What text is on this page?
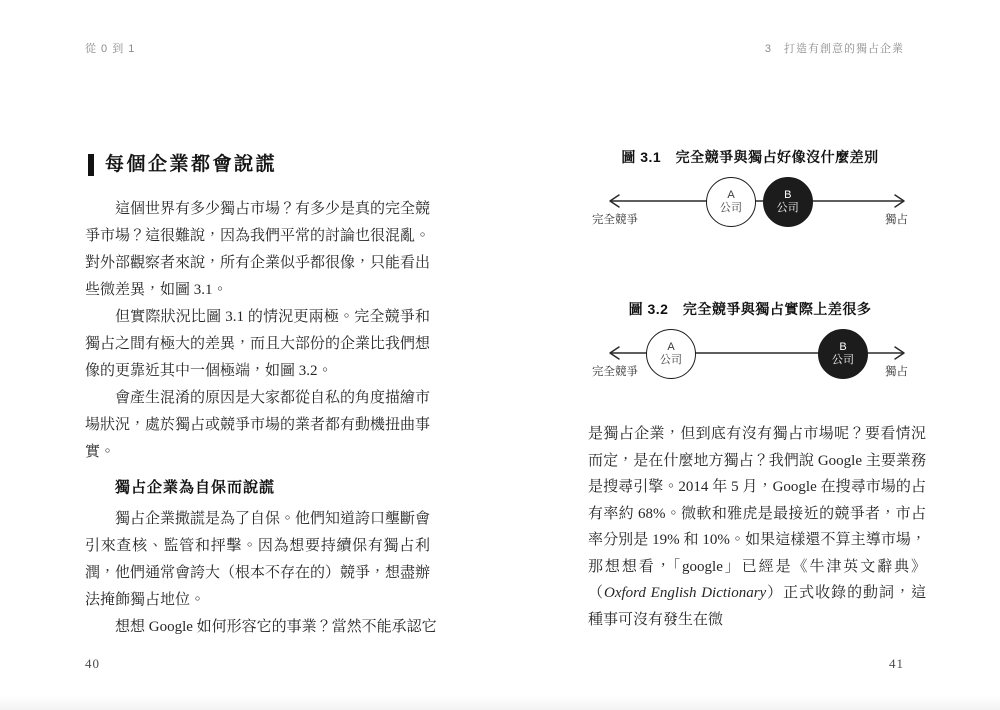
從 0 到 1	3　打造有創意的獨占企業
每個企業都會說謊

這個世界有多少獨占市場？有多少是真的完全競爭市場？這很難說，因為我們平常的討論也很混亂。對外部觀察者來說，所有企業似乎都很像，只能看出些微差異，如圖 3.1。

但實際狀況比圖 3.1 的情況更兩極。完全競爭和獨占之間有極大的差異，而且大部份的企業比我們想像的更靠近其中一個極端，如圖 3.2。

會產生混淆的原因是大家都從自私的角度描繪市場狀況，處於獨占或競爭市場的業者都有動機扭曲事實。

獨占企業為自保而說謊

獨占企業撒謊是為了自保。他們知道誇口壟斷會引來查核、監管和抨擊。因為想要持續保有獨占利潤，他們通常會誇大（根本不存在的）競爭，想盡辦法掩飾獨占地位。

想想 Google 如何形容它的事業？當然不能承認它

圖 3.1　完全競爭與獨占好像沒什麼差別
A
公司
B
公司
完全競爭	獨占
圖 3.2　完全競爭與獨占實際上差很多
A
公司
B
公司
完全競爭	獨占

是獨占企業，但到底有沒有獨占市場呢？要看情況而定，是在什麼地方獨占？我們說 Google 主要業務是搜尋引擎。2014 年 5 月，Google 在搜尋市場的占有率約 68%。微軟和雅虎是最接近的競爭者，市占率分別是 19% 和 10%。如果這樣還不算主導市場，那想想看，「google」已經是《牛津英文辭典》（Oxford English Dictionary）正式收錄的動詞，這種事可沒有發生在微

40	41
